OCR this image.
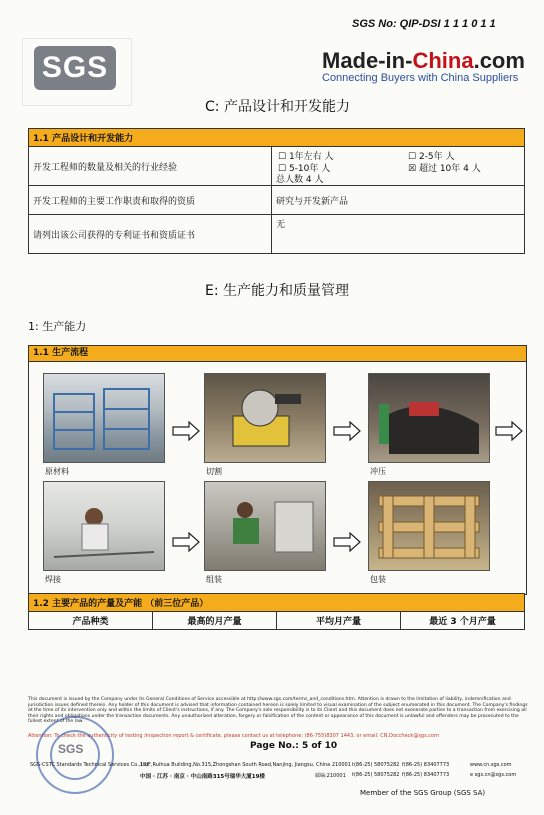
SGS
SGS No: QIP-DSI 1 1 1 0 1 1
Made-in-China.com
Connecting Buyers with China Suppliers
C: 产品设计和开发能力
1.1 产品设计和开发能力	
开发工程师的数量及相关的行业经验	☐ 1年左右 人 ☐ 2-5年 人
☐ 5-10年 人 ☒ 超过 10年 4 人
总人数 4 人

开发工程师的主要工作职责和取得的资质	研究与开发新产品
请列出该公司获得的专利证书和资质证书	无
E: 生产能力和质量管理
1: 生产能力
1.1 生产流程
原材料	切割	冲压
焊接	组装	包装
1.2 主要产品的产量及产能 （前三位产品）
产品种类	最高的月产量	平均月产量	最近 3 个月产量
This document is issued by the Company under its General Conditions of Service accessible at http://www.sgs.com/terms_and_conditions.htm. Attention is drawn to the limitation of liability, indemnification and jurisdiction issues defined therein. Any holder of this document is advised that information contained hereon is solely limited to visual examination of the subject enumerated in this document. The Company's findings at the time of its intervention only and within the limits of Client's instructions, if any. The Company's sole responsibility is to its Client and this document does not exonerate parties to a transaction from exercising all their rights and obligations under the transaction documents. Any unauthorized alteration, forgery or falsification of the content or appearance of this document is unlawful and offenders may be prosecuted to the fullest extent of the law.
Attention: To check the authenticity of testing /inspection report & certificate, please contact us at telephone: (86-755)8307 1443, or email: CN.Doccheck@sgs.com
Page No.: 5 of 10
SGS
SGS-CSTC Standards Technical Services Co.,Ltd.
19/F,Ruihua Building,No.315,Zhongshan South Road,Nanjing, Jiangsu, China 210001
中国 · 江苏 · 南京 · 中山南路315号瑞华大厦19楼	邮编:210001
t(86-25) 58075282
t(86-25) 58075282
f(86-25) 83407773
f(86-25) 83407773
www.cn.sgs.com
e sgs.cn@sgs.com
Member of the SGS Group (SGS SA)
